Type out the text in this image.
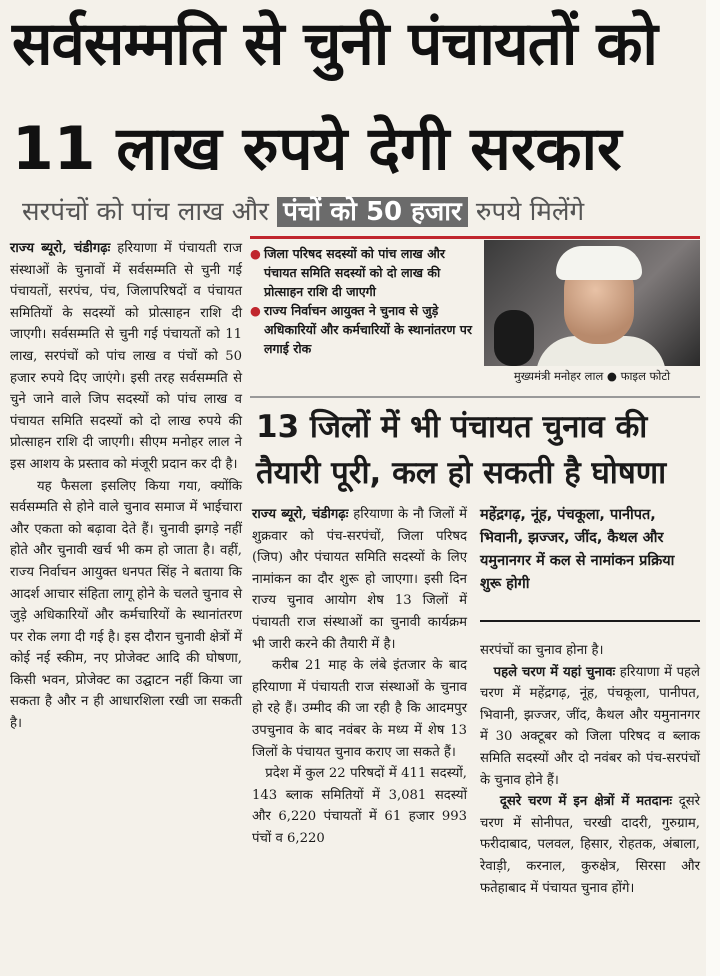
सर्वसम्मति से चुनी पंचायतों को
11 लाख रुपये देगी सरकार
सरपंचों को पांच लाख और पंचों को 50 हजार रुपये मिलेंगे

राज्य ब्यूरो, चंडीगढ़ः हरियाणा में पंचायती राज संस्थाओं के चुनावों में सर्वसम्मति से चुनी गई पंचायतों, सरपंच, पंच, जिलापरिषदों व पंचायत समितियों के सदस्यों को प्रोत्साहन राशि दी जाएगी। सर्वसम्मति से चुनी गई पंचायतों को 11 लाख, सरपंचों को पांच लाख व पंचों को 50 हजार रुपये दिए जाएंगे। इसी तरह सर्वसम्मति से चुने जाने वाले जिप सदस्यों को पांच लाख व पंचायत समिति सदस्यों को दो लाख रुपये की प्रोत्साहन राशि दी जाएगी। सीएम मनोहर लाल ने इस आशय के प्रस्ताव को मंजूरी प्रदान कर दी है।

यह फैसला इसलिए किया गया, क्योंकि सर्वसम्मति से होने वाले चुनाव समाज में भाईचारा और एकता को बढ़ावा देते हैं। चुनावी झगड़े नहीं होते और चुनावी खर्च भी कम हो जाता है। वहीं, राज्य निर्वाचन आयुक्त धनपत सिंह ने बताया कि आदर्श आचार संहिता लागू होने के चलते चुनाव से जुड़े अधिकारियों और कर्मचारियों के स्थानांतरण पर रोक लगा दी गई है। इस दौरान चुनावी क्षेत्रों में कोई नई स्कीम, नए प्रोजेक्ट आदि की घोषणा, किसी भवन, प्रोजेक्ट का उद्घाटन नहीं किया जा सकता है और न ही आधारशिला रखी जा सकती है।

● जिला परिषद सदस्यों को पांच लाख और पंचायत समिति सदस्यों को दो लाख की प्रोत्साहन राशि दी जाएगी
● राज्य निर्वाचन आयुक्त ने चुनाव से जुड़े अधिकारियों और कर्मचारियों के स्थानांतरण पर लगाई रोक
मुख्यमंत्री मनोहर लाल ● फाइल फोटो
13 जिलों में भी पंचायत चुनाव की
तैयारी पूरी, कल हो सकती है घोषणा

राज्य ब्यूरो, चंडीगढ़ः हरियाणा के नौ जिलों में शुक्रवार को पंच-सरपंचों, जिला परिषद (जिप) और पंचायत समिति सदस्यों के लिए नामांकन का दौर शुरू हो जाएगा। इसी दिन राज्य चुनाव आयोग शेष 13 जिलों में पंचायती राज संस्थाओं का चुनावी कार्यक्रम भी जारी करने की तैयारी में है।

करीब 21 माह के लंबे इंतजार के बाद हरियाणा में पंचायती राज संस्थाओं के चुनाव हो रहे हैं। उम्मीद की जा रही है कि आदमपुर उपचुनाव के बाद नवंबर के मध्य में शेष 13 जिलों के पंचायत चुनाव कराए जा सकते हैं।

प्रदेश में कुल 22 परिषदों में 411 सदस्यों, 143 ब्लाक समितियों में 3,081 सदस्यों और 6,220 पंचायतों में 61 हजार 993 पंचों व 6,220

महेंद्रगढ़, नूंह, पंचकूला, पानीपत, भिवानी, झज्जर, जींद, कैथल और यमुनानगर में कल से नामांकन प्रक्रिया शुरू होगी

सरपंचों का चुनाव होना है।

पहले चरण में यहां चुनावः हरियाणा में पहले चरण में महेंद्रगढ़, नूंह, पंचकूला, पानीपत, भिवानी, झज्जर, जींद, कैथल और यमुनानगर में 30 अक्टूबर को जिला परिषद व ब्लाक समिति सदस्यों और दो नवंबर को पंच-सरपंचों के चुनाव होने हैं।

दूसरे चरण में इन क्षेत्रों में मतदानः दूसरे चरण में सोनीपत, चरखी दादरी, गुरुग्राम, फरीदाबाद, पलवल, हिसार, रोहतक, अंबाला, रेवाड़ी, करनाल, कुरुक्षेत्र, सिरसा और फतेहाबाद में पंचायत चुनाव होंगे।
